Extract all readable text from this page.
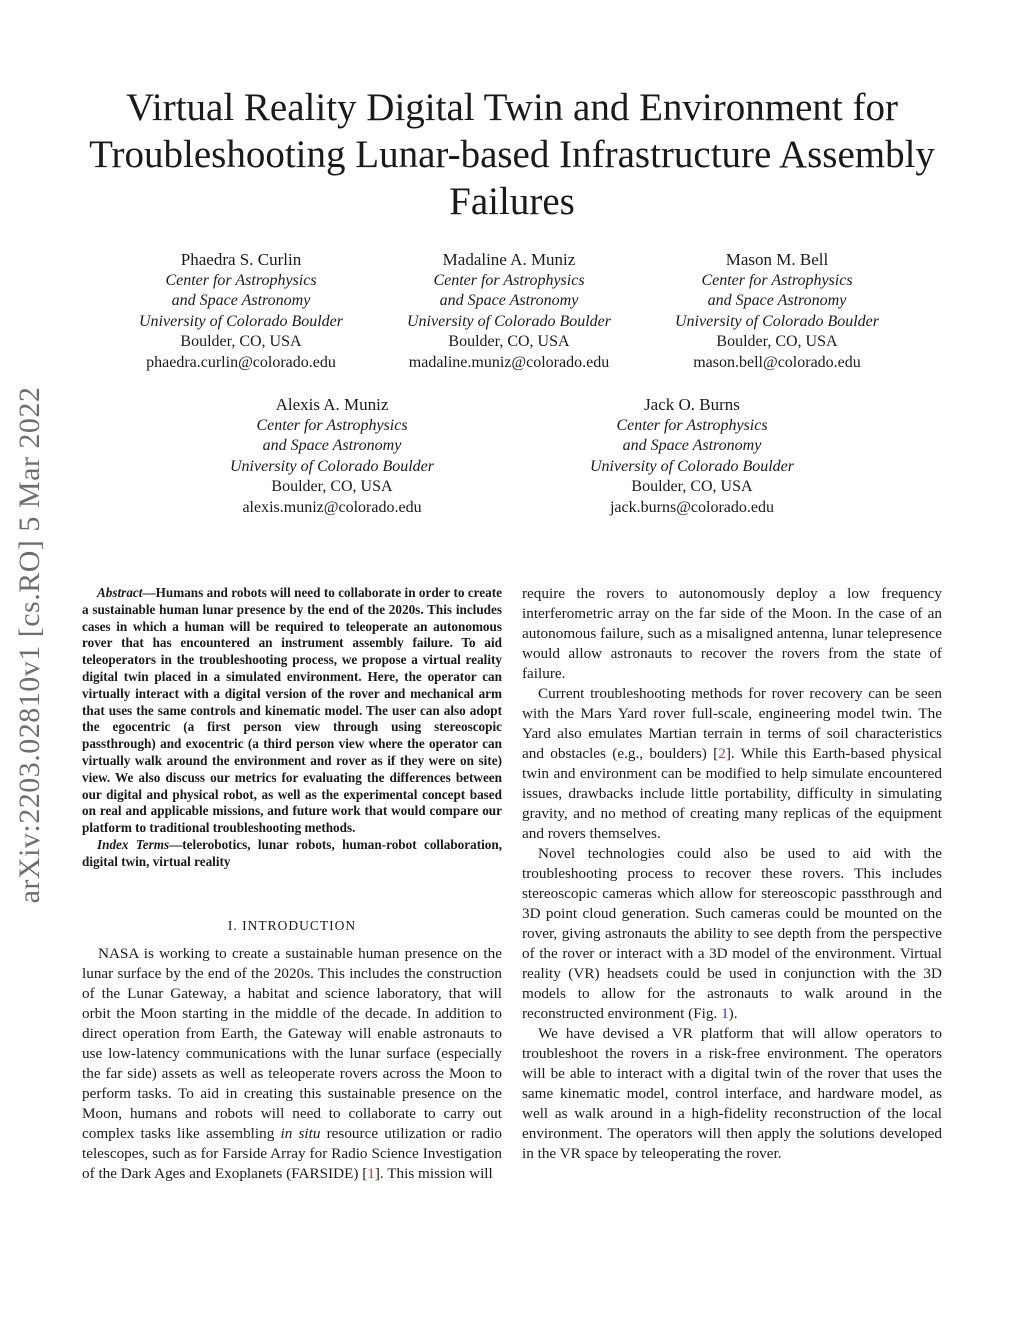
arXiv:2203.02810v1 [cs.RO] 5 Mar 2022
Virtual Reality Digital Twin and Environment for Troubleshooting Lunar-based Infrastructure Assembly Failures
Phaedra S. Curlin
Center for Astrophysics
and Space Astronomy
University of Colorado Boulder
Boulder, CO, USA
phaedra.curlin@colorado.edu
Madaline A. Muniz
Center for Astrophysics
and Space Astronomy
University of Colorado Boulder
Boulder, CO, USA
madaline.muniz@colorado.edu
Mason M. Bell
Center for Astrophysics
and Space Astronomy
University of Colorado Boulder
Boulder, CO, USA
mason.bell@colorado.edu
Alexis A. Muniz
Center for Astrophysics
and Space Astronomy
University of Colorado Boulder
Boulder, CO, USA
alexis.muniz@colorado.edu
Jack O. Burns
Center for Astrophysics
and Space Astronomy
University of Colorado Boulder
Boulder, CO, USA
jack.burns@colorado.edu

Abstract—Humans and robots will need to collaborate in order to create a sustainable human lunar presence by the end of the 2020s. This includes cases in which a human will be required to teleoperate an autonomous rover that has encountered an instrument assembly failure. To aid teleoperators in the troubleshooting process, we propose a virtual reality digital twin placed in a simulated environment. Here, the operator can virtually interact with a digital version of the rover and mechanical arm that uses the same controls and kinematic model. The user can also adopt the egocentric (a first person view through using stereoscopic passthrough) and exocentric (a third person view where the operator can virtually walk around the environment and rover as if they were on site) view. We also discuss our metrics for evaluating the differences between our digital and physical robot, as well as the experimental concept based on real and applicable missions, and future work that would compare our platform to traditional troubleshooting methods.

Index Terms—telerobotics, lunar robots, human-robot collaboration, digital twin, virtual reality

I. INTRODUCTION

NASA is working to create a sustainable human presence on the lunar surface by the end of the 2020s. This includes the construction of the Lunar Gateway, a habitat and science laboratory, that will orbit the Moon starting in the middle of the decade. In addition to direct operation from Earth, the Gateway will enable astronauts to use low-latency communications with the lunar surface (especially the far side) assets as well as teleoperate rovers across the Moon to perform tasks. To aid in creating this sustainable presence on the Moon, humans and robots will need to collaborate to carry out complex tasks like assembling in situ resource utilization or radio telescopes, such as for Farside Array for Radio Science Investigation of the Dark Ages and Exoplanets (FARSIDE) [1]. This mission will

require the rovers to autonomously deploy a low frequency interferometric array on the far side of the Moon. In the case of an autonomous failure, such as a misaligned antenna, lunar telepresence would allow astronauts to recover the rovers from the state of failure.

Current troubleshooting methods for rover recovery can be seen with the Mars Yard rover full-scale, engineering model twin. The Yard also emulates Martian terrain in terms of soil characteristics and obstacles (e.g., boulders) [2]. While this Earth-based physical twin and environment can be modified to help simulate encountered issues, drawbacks include little portability, difficulty in simulating gravity, and no method of creating many replicas of the equipment and rovers themselves.

Novel technologies could also be used to aid with the troubleshooting process to recover these rovers. This includes stereoscopic cameras which allow for stereoscopic passthrough and 3D point cloud generation. Such cameras could be mounted on the rover, giving astronauts the ability to see depth from the perspective of the rover or interact with a 3D model of the environment. Virtual reality (VR) headsets could be used in conjunction with the 3D models to allow for the astronauts to walk around in the reconstructed environment (Fig. 1).

We have devised a VR platform that will allow operators to troubleshoot the rovers in a risk-free environment. The operators will be able to interact with a digital twin of the rover that uses the same kinematic model, control interface, and hardware model, as well as walk around in a high-fidelity reconstruction of the local environment. The operators will then apply the solutions developed in the VR space by teleoperating the rover.
